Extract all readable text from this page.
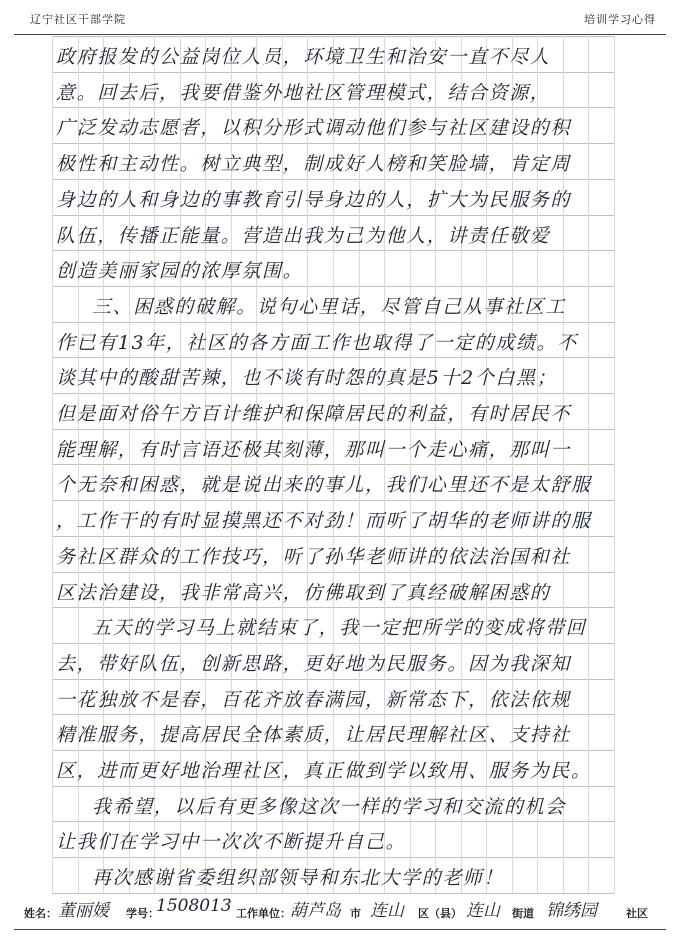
辽宁社区干部学院	培训学习心得
政府报发的公益岗位人员，环境卫生和治安一直不尽人
意。回去后，我要借鉴外地社区管理模式，结合资源，
广泛发动志愿者，以积分形式调动他们参与社区建设的积
极性和主动性。树立典型，制成好人榜和笑脸墙，肯定周
身边的人和身边的事教育引导身边的人，扩大为民服务的
队伍，传播正能量。营造出我为己为他人，讲责任敬爱
创造美丽家园的浓厚氛围。
三、困惑的破解。说句心里话，尽管自己从事社区工
作已有13年，社区的各方面工作也取得了一定的成绩。不
谈其中的酸甜苦辣，也不谈有时怨的真是5十2个白黑；
但是面对俗午方百计维护和保障居民的利益，有时居民不
能理解，有时言语还极其刻薄，那叫一个走心痛，那叫一
个无奈和困惑，就是说出来的事儿，我们心里还不是太舒服
，工作干的有时显摸黑还不对劲！而听了胡华的老师讲的服
务社区群众的工作技巧，听了孙华老师讲的依法治国和社
区法治建设，我非常高兴，仿佛取到了真经破解困惑的
五天的学习马上就结束了，我一定把所学的变成将带回
去，带好队伍，创新思路，更好地为民服务。因为我深知
一花独放不是春，百花齐放春满园，新常态下，依法依规
精准服务，提高居民全体素质，让居民理解社区、支持社
区，进而更好地治理社区，真正做到学以致用、服务为民。
我希望，以后有更多像这次一样的学习和交流的机会
让我们在学习中一次次不断提升自己。
再次感谢省委组织部领导和东北大学的老师！
姓名： 董丽媛 学号：
1508013 工作单位： 葫芦岛 市 连山 区（县） 连山 街道 锦绣园	社区
